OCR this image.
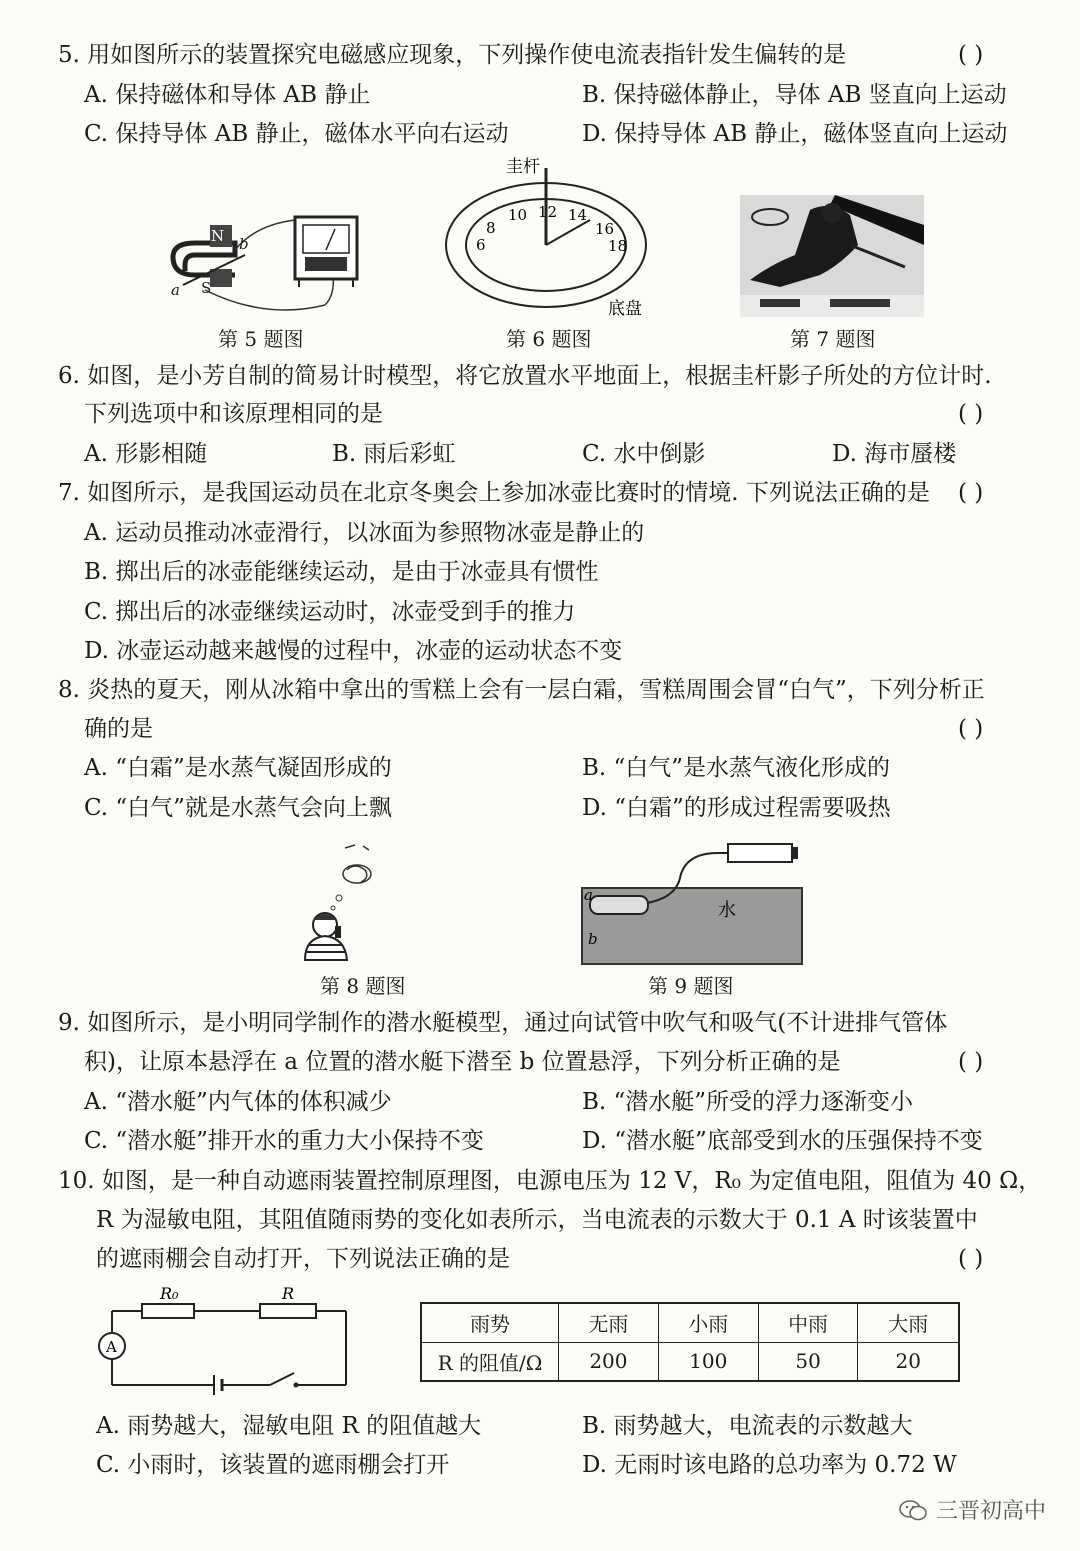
5. 用如图所示的装置探究电磁感应现象，下列操作使电流表指针发生偏转的是	( )
A. 保持磁体和导体 AB 静止	B. 保持磁体静止，导体 AB 竖直向上运动
C. 保持导体 AB 静止，磁体水平向右运动	D. 保持导体 AB 静止，磁体竖直向上运动
N
S
a
b
第 5 题图
6
8
10 12 14
16
18
圭杆
底盘
第 6 题图	第 7 题图
6. 如图，是小芳自制的简易计时模型，将它放置水平地面上，根据圭杆影子所处的方位计时.
下列选项中和该原理相同的是	( )
A. 形影相随	B. 雨后彩虹	C. 水中倒影	D. 海市蜃楼
7. 如图所示，是我国运动员在北京冬奥会上参加冰壶比赛时的情境. 下列说法正确的是 ( )
A. 运动员推动冰壶滑行，以冰面为参照物冰壶是静止的
B. 掷出后的冰壶能继续运动，是由于冰壶具有惯性
C. 掷出后的冰壶继续运动时，冰壶受到手的推力
D. 冰壶运动越来越慢的过程中，冰壶的运动状态不变
8. 炎热的夏天，刚从冰箱中拿出的雪糕上会有一层白霜，雪糕周围会冒“白气”，下列分析正
确的是	( )
A. “白霜”是水蒸气凝固形成的	B. “白气”是水蒸气液化形成的
C. “白气”就是水蒸气会向上飘	D. “白霜”的形成过程需要吸热
第 8 题图
a
b
水
第 9 题图
9. 如图所示，是小明同学制作的潜水艇模型，通过向试管中吹气和吸气(不计进排气管体
积)，让原本悬浮在 a 位置的潜水艇下潜至 b 位置悬浮，下列分析正确的是	( )
A. “潜水艇”内气体的体积减少	B. “潜水艇”所受的浮力逐渐变小
C. “潜水艇”排开水的重力大小保持不变	D. “潜水艇”底部受到水的压强保持不变
10. 如图，是一种自动遮雨装置控制原理图，电源电压为 12 V，R₀ 为定值电阻，阻值为 40 Ω，
R 为湿敏电阻，其阻值随雨势的变化如表所示，当电流表的示数大于 0.1 A 时该装置中
的遮雨棚会自动打开，下列说法正确的是	( )
A
R₀	R
雨势	无雨	小雨	中雨	大雨
R 的阻值/Ω	200	100	50	20
A. 雨势越大，湿敏电阻 R 的阻值越大	B. 雨势越大，电流表的示数越大
C. 小雨时，该装置的遮雨棚会打开	D. 无雨时该电路的总功率为 0.72 W
三晋初高中
